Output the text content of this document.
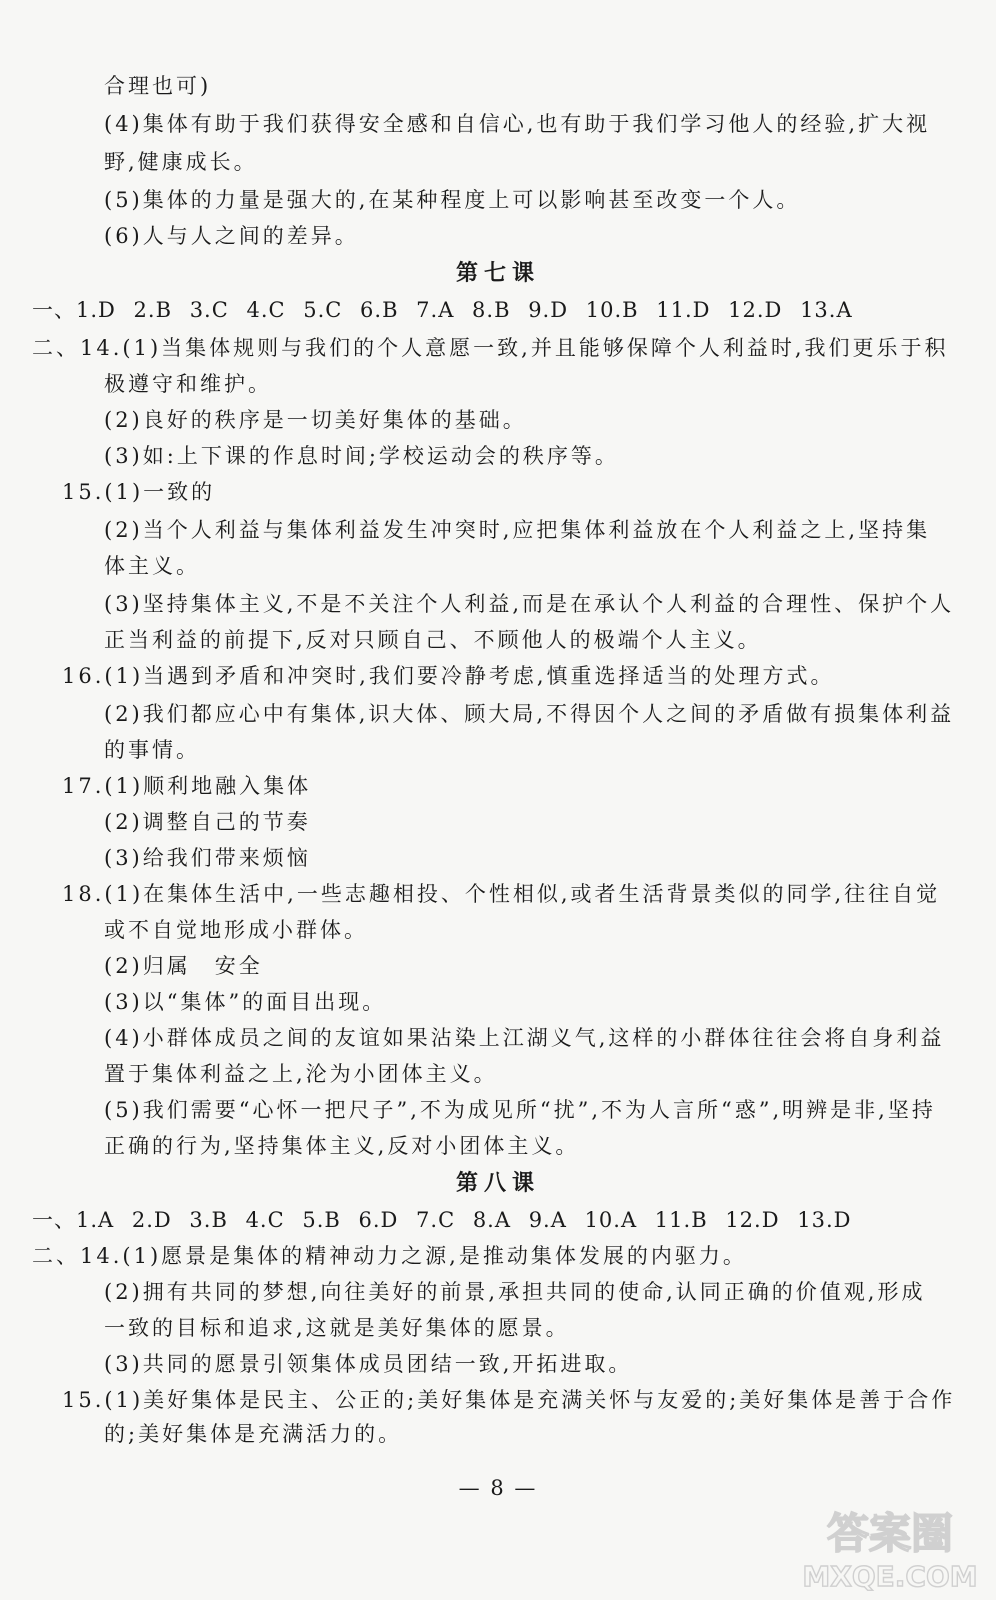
合理也可)
(4)集体有助于我们获得安全感和自信心,也有助于我们学习他人的经验,扩大视
野,健康成长。
(5)集体的力量是强大的,在某种程度上可以影响甚至改变一个人。
(6)人与人之间的差异。
第七课
一、1.D 2.B 3.C 4.C 5.C 6.B 7.A 8.B 9.D 10.B 11.D 12.D 13.A
二、14.(1)当集体规则与我们的个人意愿一致,并且能够保障个人利益时,我们更乐于积
极遵守和维护。
(2)良好的秩序是一切美好集体的基础。
(3)如:上下课的作息时间;学校运动会的秩序等。
15.(1)一致的
(2)当个人利益与集体利益发生冲突时,应把集体利益放在个人利益之上,坚持集
体主义。
(3)坚持集体主义,不是不关注个人利益,而是在承认个人利益的合理性、保护个人
正当利益的前提下,反对只顾自己、不顾他人的极端个人主义。
16.(1)当遇到矛盾和冲突时,我们要冷静考虑,慎重选择适当的处理方式。
(2)我们都应心中有集体,识大体、顾大局,不得因个人之间的矛盾做有损集体利益
的事情。
17.(1)顺利地融入集体
(2)调整自己的节奏
(3)给我们带来烦恼
18.(1)在集体生活中,一些志趣相投、个性相似,或者生活背景类似的同学,往往自觉
或不自觉地形成小群体。
(2)归属　安全
(3)以“集体”的面目出现。
(4)小群体成员之间的友谊如果沾染上江湖义气,这样的小群体往往会将自身利益
置于集体利益之上,沦为小团体主义。
(5)我们需要“心怀一把尺子”,不为成见所“扰”,不为人言所“惑”,明辨是非,坚持
正确的行为,坚持集体主义,反对小团体主义。
第八课
一、1.A 2.D 3.B 4.C 5.B 6.D 7.C 8.A 9.A 10.A 11.B 12.D 13.D
二、14.(1)愿景是集体的精神动力之源,是推动集体发展的内驱力。
(2)拥有共同的梦想,向往美好的前景,承担共同的使命,认同正确的价值观,形成
一致的目标和追求,这就是美好集体的愿景。
(3)共同的愿景引领集体成员团结一致,开拓进取。
15.(1)美好集体是民主、公正的;美好集体是充满关怀与友爱的;美好集体是善于合作
的;美好集体是充满活力的。
— 8 —
答案圈
MXQE.COM
